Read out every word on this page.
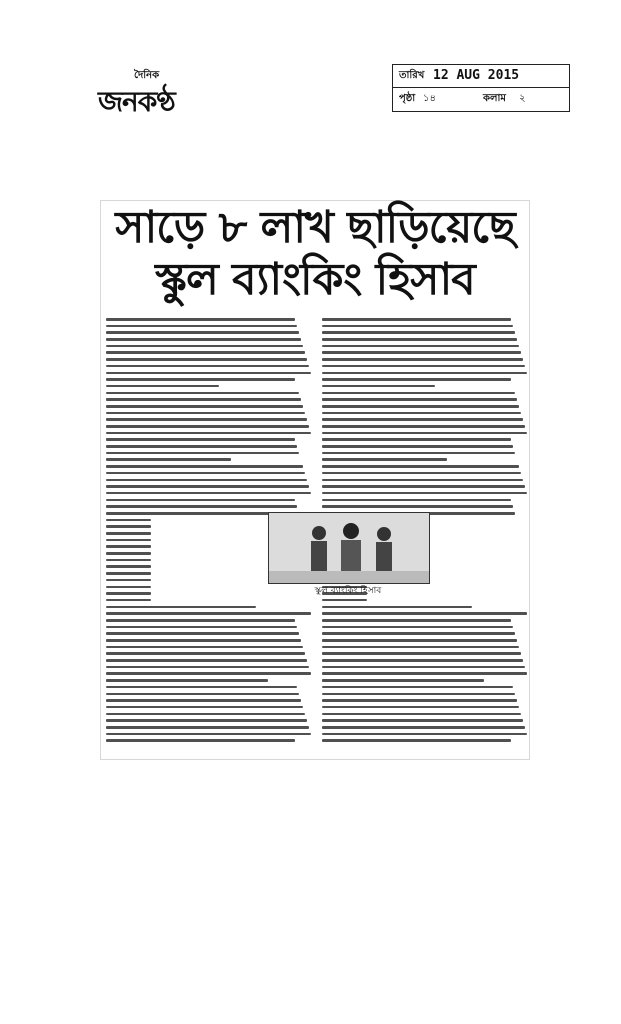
দৈনিক
জনকণ্ঠ
তারিখ 12 AUG 2015
পৃষ্ঠা ১৪	কলাম ২
সাড়ে ৮ লাখ ছাড়িয়েছে
স্কুল ব্যাংকিং হিসাব
স্কুল ব্যাংকিং হিসাব
